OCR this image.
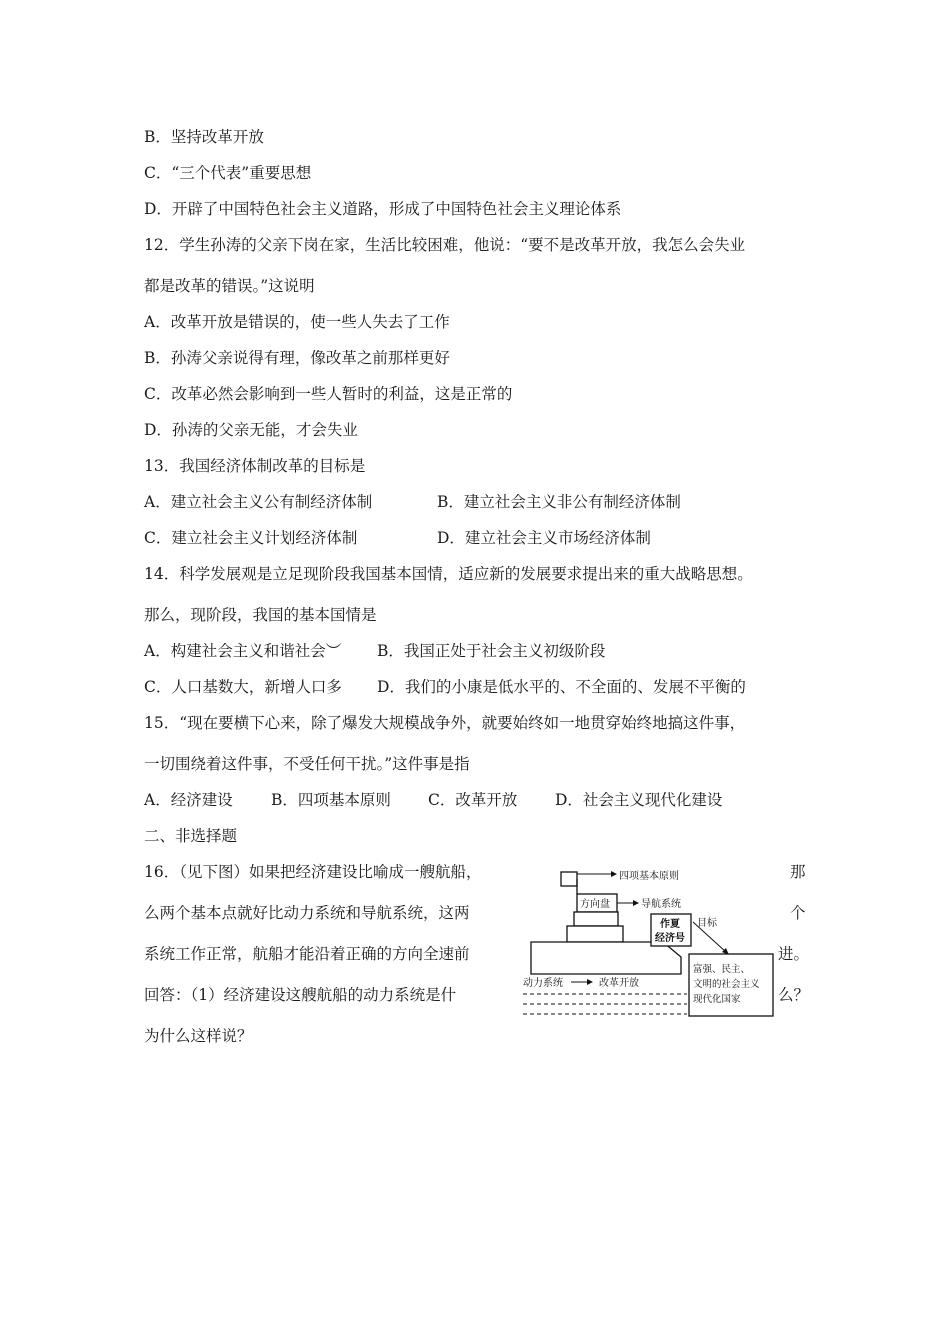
B．坚持改革开放
C．“三个代表”重要思想
D．开辟了中国特色社会主义道路，形成了中国特色社会主义理论体系
12．学生孙涛的父亲下岗在家，生活比较困难，他说：“要不是改革开放，我怎么会失业
都是改革的错误。”这说明
A．改革开放是错误的，使一些人失去了工作
B．孙涛父亲说得有理，像改革之前那样更好
C．改革必然会影响到一些人暂时的利益，这是正常的
D．孙涛的父亲无能，才会失业
13．我国经济体制改革的目标是
A．建立社会主义公有制经济体制	B．建立社会主义非公有制经济体制
C．建立社会主义计划经济体制	D．建立社会主义市场经济体制
14．科学发展观是立足现阶段我国基本国情，适应新的发展要求提出来的重大战略思想。
那么，现阶段，我国的基本国情是
A．构建社会主义和谐社会︶ B．我国正处于社会主义初级阶段
C．人口基数大，新增人口多 D．我们的小康是低水平的、不全面的、发展不平衡的
15．“现在要横下心来，除了爆发大规模战争外，就要始终如一地贯穿始终地搞这件事，
一切围绕着这件事，不受任何干扰。”这件事是指
A．经济建设 B．四项基本原则 C．改革开放 D．社会主义现代化建设
二、非选择题
16．（见下图）如果把经济建设比喻成一艘航船，	那
么两个基本点就好比动力系统和导航系统，这两	个
系统工作正常，航船才能沿着正确的方向全速前	进。
回答：（1）经济建设这艘航船的动力系统是什	么？
为什么这样说？
四项基本原则
方向盘	导航系统
作夏
经济号
目标
富强、民主、
文明的社会主义
现代化国家
动力系统	改革开放
